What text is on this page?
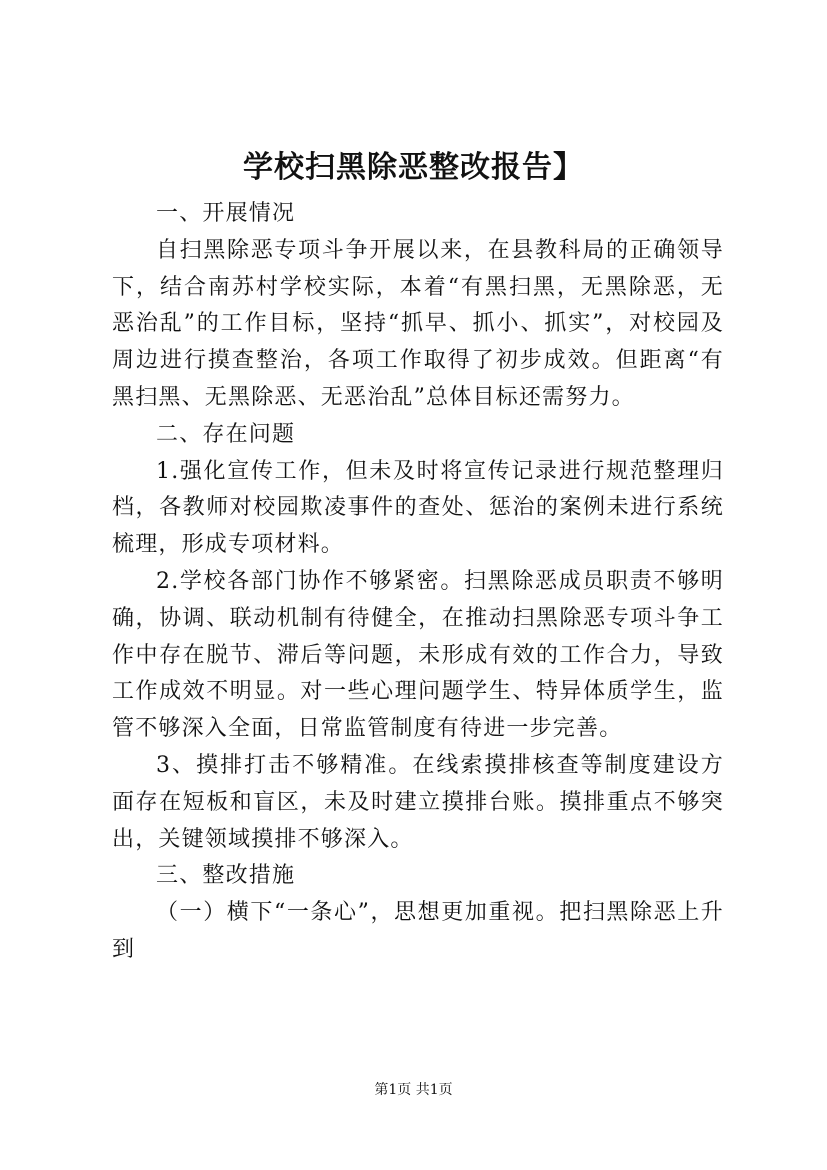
学校扫黑除恶整改报告】

一、开展情况

自扫黑除恶专项斗争开展以来，在县教科局的正确领导下，结合南苏村学校实际，本着“有黑扫黑，无黑除恶，无恶治乱”的工作目标，坚持“抓早、抓小、抓实”，对校园及周边进行摸查整治，各项工作取得了初步成效。但距离“有黑扫黑、无黑除恶、无恶治乱”总体目标还需努力。

二、存在问题

1.强化宣传工作，但未及时将宣传记录进行规范整理归档，各教师对校园欺凌事件的查处、惩治的案例未进行系统梳理，形成专项材料。

2.学校各部门协作不够紧密。扫黑除恶成员职责不够明确，协调、联动机制有待健全，在推动扫黑除恶专项斗争工作中存在脱节、滞后等问题，未形成有效的工作合力，导致工作成效不明显。对一些心理问题学生、特异体质学生，监管不够深入全面，日常监管制度有待进一步完善。

3、摸排打击不够精准。在线索摸排核查等制度建设方面存在短板和盲区，未及时建立摸排台账。摸排重点不够突出，关键领域摸排不够深入。

三、整改措施

（一）横下“一条心”，思想更加重视。把扫黑除恶上升到

第1页 共1页
